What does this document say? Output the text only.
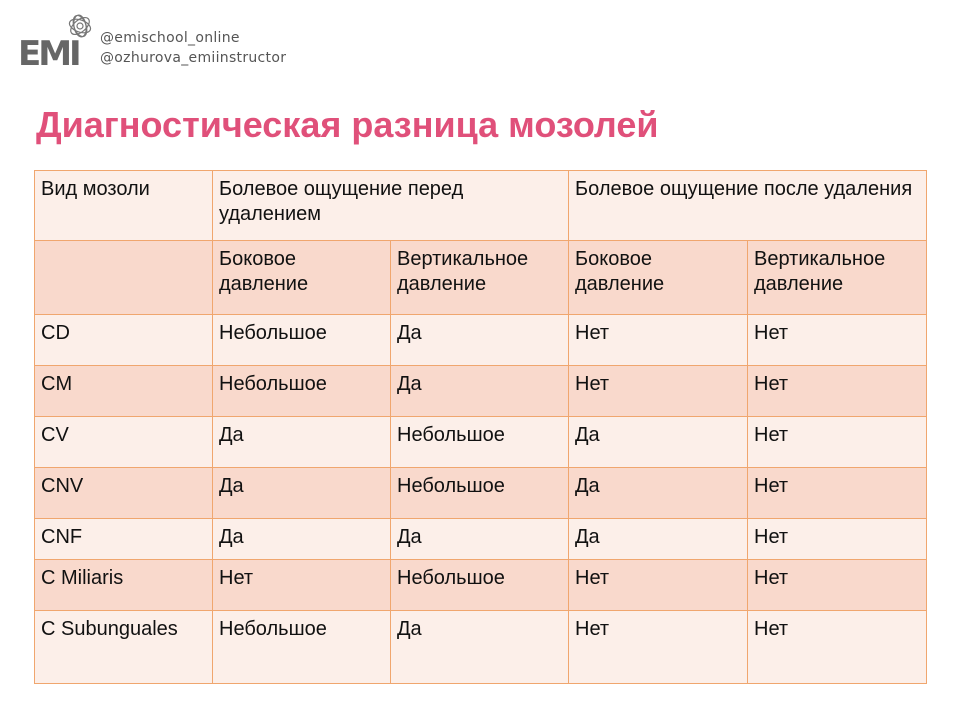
EMI @emischool_online
@ozhurova_emiinstructor
Диагностическая разница мозолей
Вид мозоли	Болевое ощущение перед удалением		Болевое ощущение после удаления	
	Боковое давление	Вертикальное давление	Боковое давление	Вертикальное давление
CD	Небольшое	Да	Нет	Нет
CM	Небольшое	Да	Нет	Нет
CV	Да	Небольшое	Да	Нет
CNV	Да	Небольшое	Да	Нет
CNF	Да	Да	Да	Нет
C Miliaris	Нет	Небольшое	Нет	Нет
C Subunguales	Небольшое	Да	Нет	Нет
